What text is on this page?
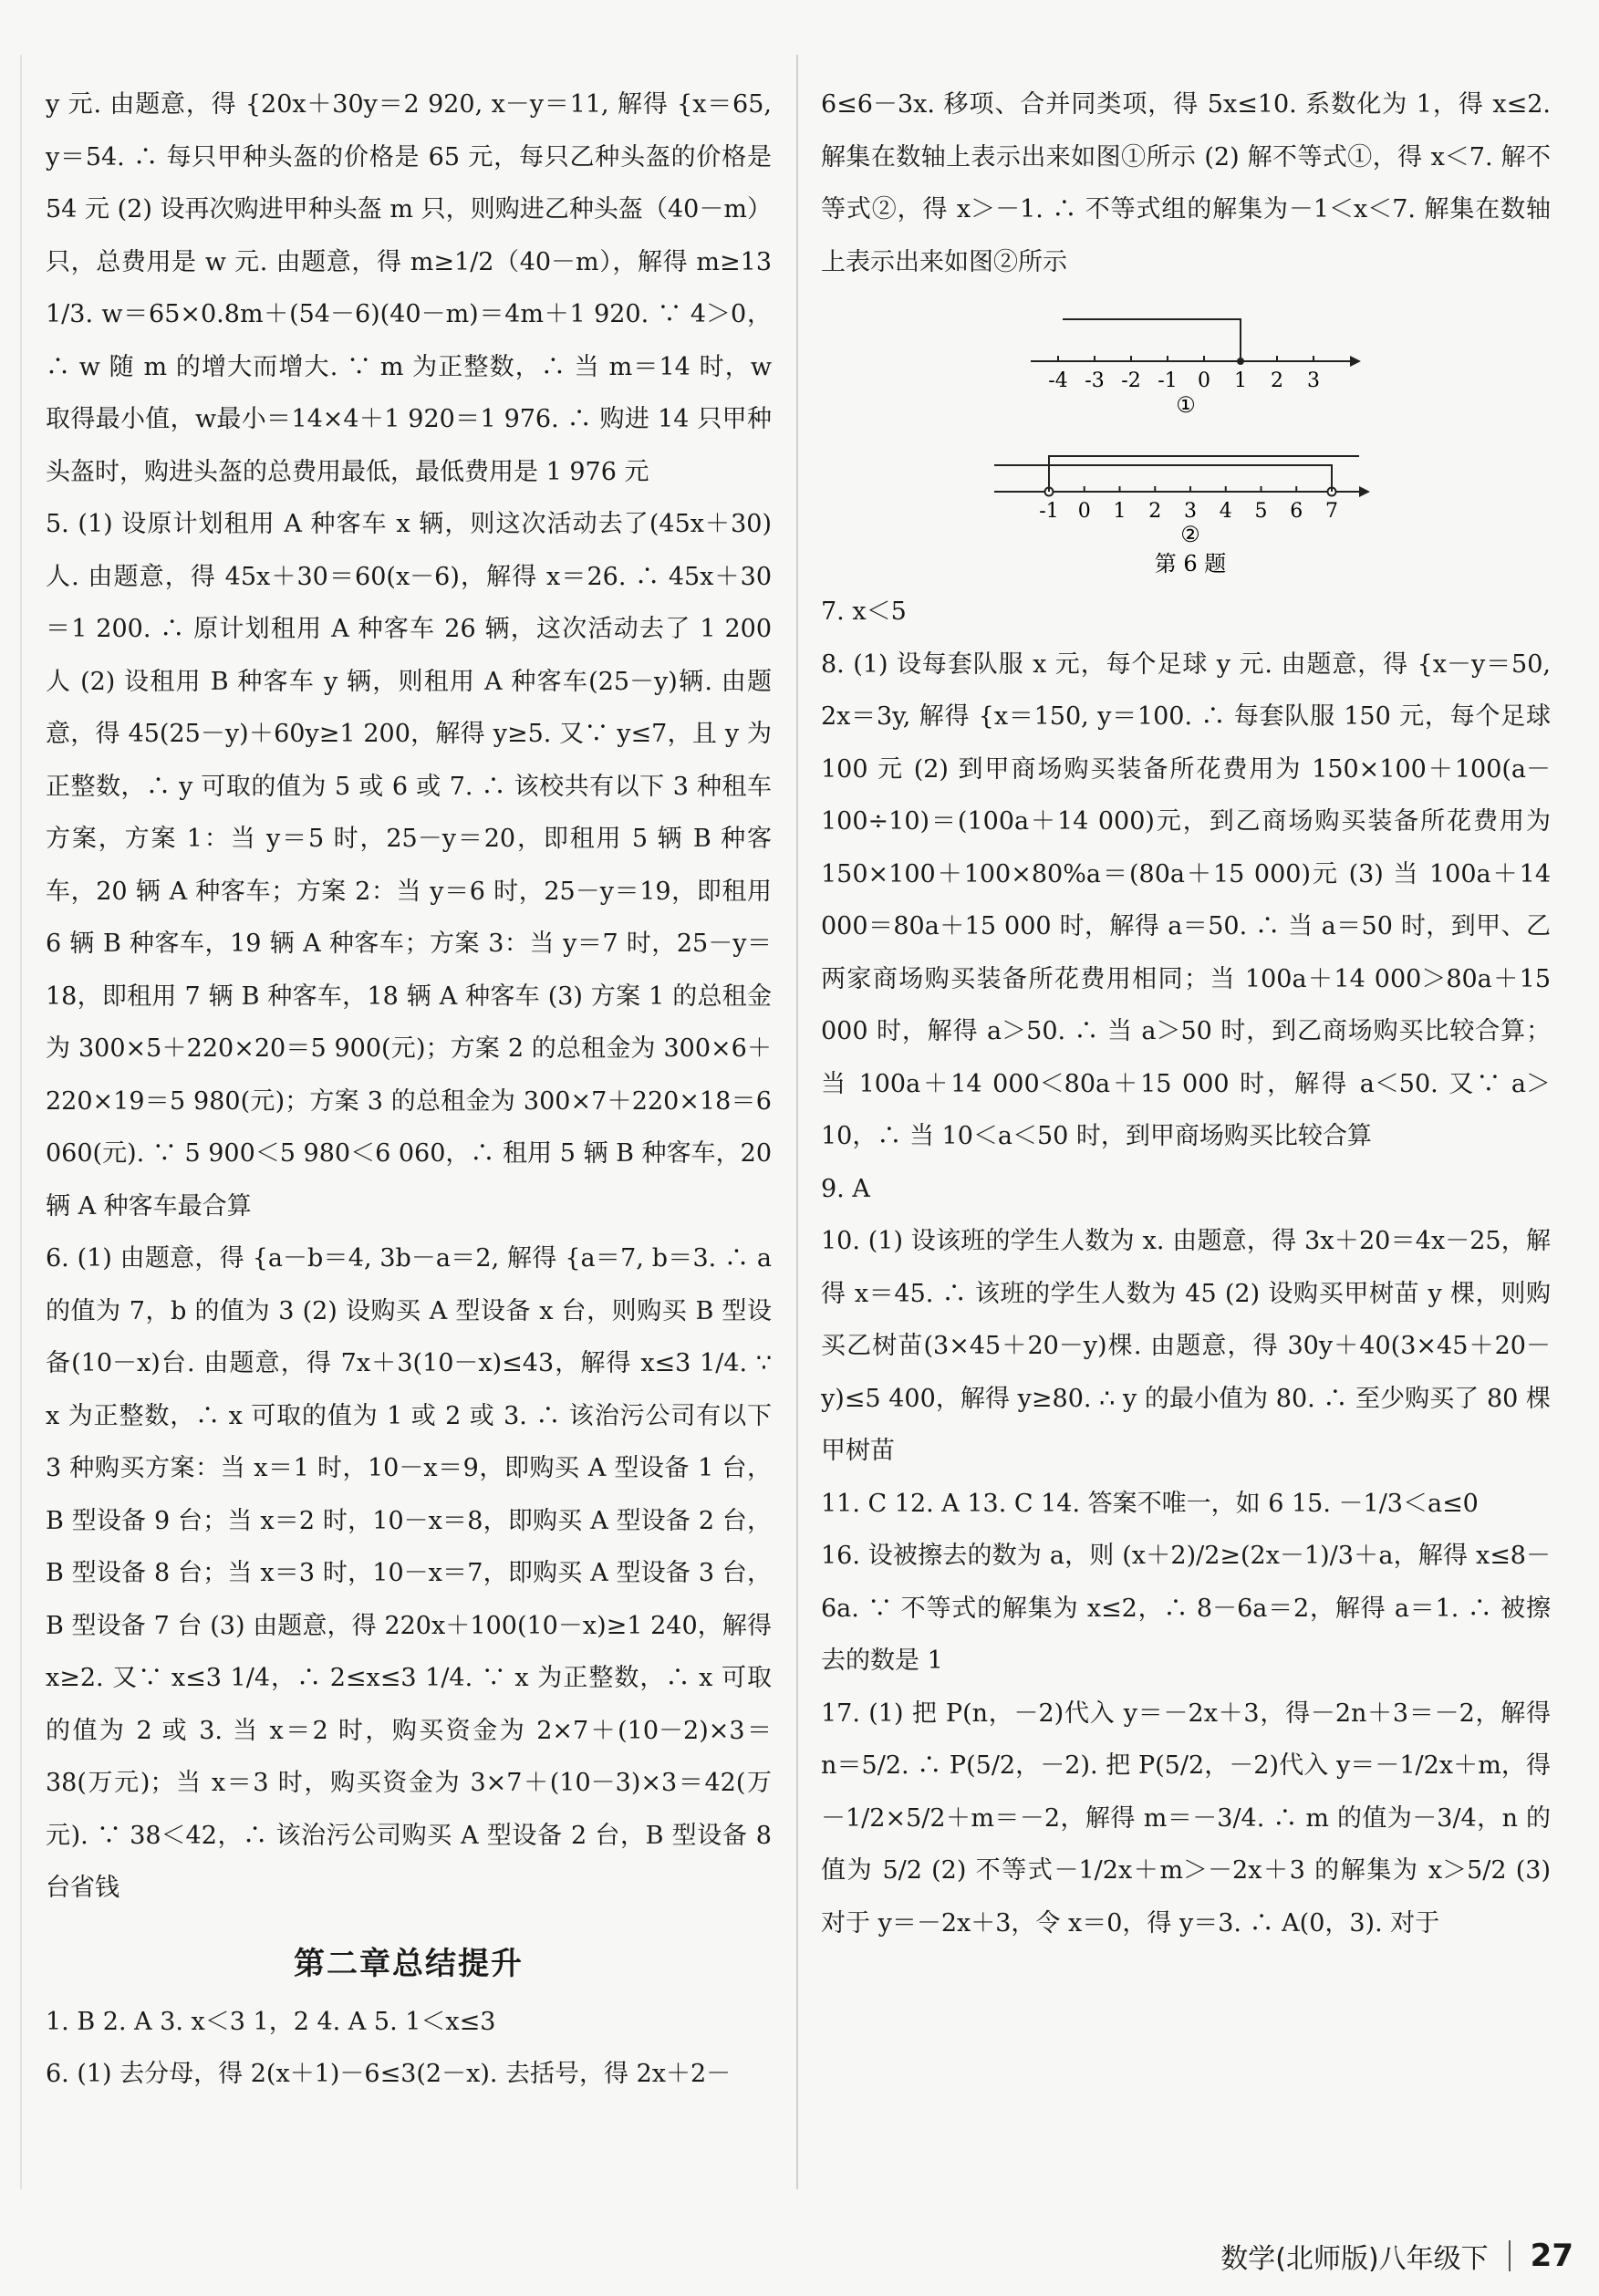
y 元. 由题意，得 {20x＋30y＝2 920, x－y＝11, 解得 {x＝65, y＝54. ∴ 每只甲种头盔的价格是 65 元，每只乙种头盔的价格是 54 元 (2) 设再次购进甲种头盔 m 只，则购进乙种头盔（40－m）只，总费用是 w 元. 由题意，得 m≥1/2（40－m），解得 m≥13 1/3. w＝65×0.8m＋(54－6)(40－m)＝4m＋1 920. ∵ 4＞0，∴ w 随 m 的增大而增大. ∵ m 为正整数，∴ 当 m＝14 时，w 取得最小值，w最小＝14×4＋1 920＝1 976. ∴ 购进 14 只甲种头盔时，购进头盔的总费用最低，最低费用是 1 976 元

5. (1) 设原计划租用 A 种客车 x 辆，则这次活动去了(45x＋30)人. 由题意，得 45x＋30＝60(x－6)，解得 x＝26. ∴ 45x＋30＝1 200. ∴ 原计划租用 A 种客车 26 辆，这次活动去了 1 200 人 (2) 设租用 B 种客车 y 辆，则租用 A 种客车(25－y)辆. 由题意，得 45(25－y)＋60y≥1 200，解得 y≥5. 又∵ y≤7，且 y 为正整数，∴ y 可取的值为 5 或 6 或 7. ∴ 该校共有以下 3 种租车方案，方案 1：当 y＝5 时，25－y＝20，即租用 5 辆 B 种客车，20 辆 A 种客车；方案 2：当 y＝6 时，25－y＝19，即租用 6 辆 B 种客车，19 辆 A 种客车；方案 3：当 y＝7 时，25－y＝18，即租用 7 辆 B 种客车，18 辆 A 种客车 (3) 方案 1 的总租金为 300×5＋220×20＝5 900(元)；方案 2 的总租金为 300×6＋220×19＝5 980(元)；方案 3 的总租金为 300×7＋220×18＝6 060(元). ∵ 5 900＜5 980＜6 060，∴ 租用 5 辆 B 种客车，20 辆 A 种客车最合算

6. (1) 由题意，得 {a－b＝4, 3b－a＝2, 解得 {a＝7, b＝3. ∴ a 的值为 7，b 的值为 3 (2) 设购买 A 型设备 x 台，则购买 B 型设备(10－x)台. 由题意，得 7x＋3(10－x)≤43，解得 x≤3 1/4. ∵ x 为正整数，∴ x 可取的值为 1 或 2 或 3. ∴ 该治污公司有以下 3 种购买方案：当 x＝1 时，10－x＝9，即购买 A 型设备 1 台，B 型设备 9 台；当 x＝2 时，10－x＝8，即购买 A 型设备 2 台，B 型设备 8 台；当 x＝3 时，10－x＝7，即购买 A 型设备 3 台，B 型设备 7 台 (3) 由题意，得 220x＋100(10－x)≥1 240，解得 x≥2. 又∵ x≤3 1/4，∴ 2≤x≤3 1/4. ∵ x 为正整数，∴ x 可取的值为 2 或 3. 当 x＝2 时，购买资金为 2×7＋(10－2)×3＝38(万元)；当 x＝3 时，购买资金为 3×7＋(10－3)×3＝42(万元). ∵ 38＜42，∴ 该治污公司购买 A 型设备 2 台，B 型设备 8 台省钱

第二章总结提升

1. B 2. A 3. x＜3 1，2 4. A 5. 1＜x≤3

6. (1) 去分母，得 2(x＋1)－6≤3(2－x). 去括号，得 2x＋2－

6≤6－3x. 移项、合并同类项，得 5x≤10. 系数化为 1，得 x≤2. 解集在数轴上表示出来如图①所示 (2) 解不等式①，得 x＜7. 解不等式②，得 x＞－1. ∴ 不等式组的解集为－1＜x＜7. 解集在数轴上表示出来如图②所示

-4 -3 -2 -1 0 1 2 3
①
-1 0 1 2 3 4 5 6 7
②
第 6 题

7. x＜5

8. (1) 设每套队服 x 元，每个足球 y 元. 由题意，得 {x－y＝50, 2x＝3y, 解得 {x＝150, y＝100. ∴ 每套队服 150 元，每个足球 100 元 (2) 到甲商场购买装备所花费用为 150×100＋100(a－100÷10)＝(100a＋14 000)元，到乙商场购买装备所花费用为 150×100＋100×80%a＝(80a＋15 000)元 (3) 当 100a＋14 000＝80a＋15 000 时，解得 a＝50. ∴ 当 a＝50 时，到甲、乙两家商场购买装备所花费用相同；当 100a＋14 000＞80a＋15 000 时，解得 a＞50. ∴ 当 a＞50 时，到乙商场购买比较合算；当 100a＋14 000＜80a＋15 000 时，解得 a＜50. 又∵ a＞10，∴ 当 10＜a＜50 时，到甲商场购买比较合算

9. A

10. (1) 设该班的学生人数为 x. 由题意，得 3x＋20＝4x－25，解得 x＝45. ∴ 该班的学生人数为 45 (2) 设购买甲树苗 y 棵，则购买乙树苗(3×45＋20－y)棵. 由题意，得 30y＋40(3×45＋20－y)≤5 400，解得 y≥80. ∴ y 的最小值为 80. ∴ 至少购买了 80 棵甲树苗

11. C 12. A 13. C 14. 答案不唯一，如 6 15. －1/3＜a≤0

16. 设被擦去的数为 a，则 (x＋2)/2≥(2x－1)/3＋a，解得 x≤8－6a. ∵ 不等式的解集为 x≤2，∴ 8－6a＝2，解得 a＝1. ∴ 被擦去的数是 1

17. (1) 把 P(n，－2)代入 y＝－2x＋3，得－2n＋3＝－2，解得 n＝5/2. ∴ P(5/2，－2). 把 P(5/2，－2)代入 y＝－1/2x＋m，得－1/2×5/2＋m＝－2，解得 m＝－3/4. ∴ m 的值为－3/4，n 的值为 5/2 (2) 不等式－1/2x＋m＞－2x＋3 的解集为 x＞5/2 (3) 对于 y＝－2x＋3，令 x＝0，得 y＝3. ∴ A(0，3). 对于

数学(北师版)八年级下 27
